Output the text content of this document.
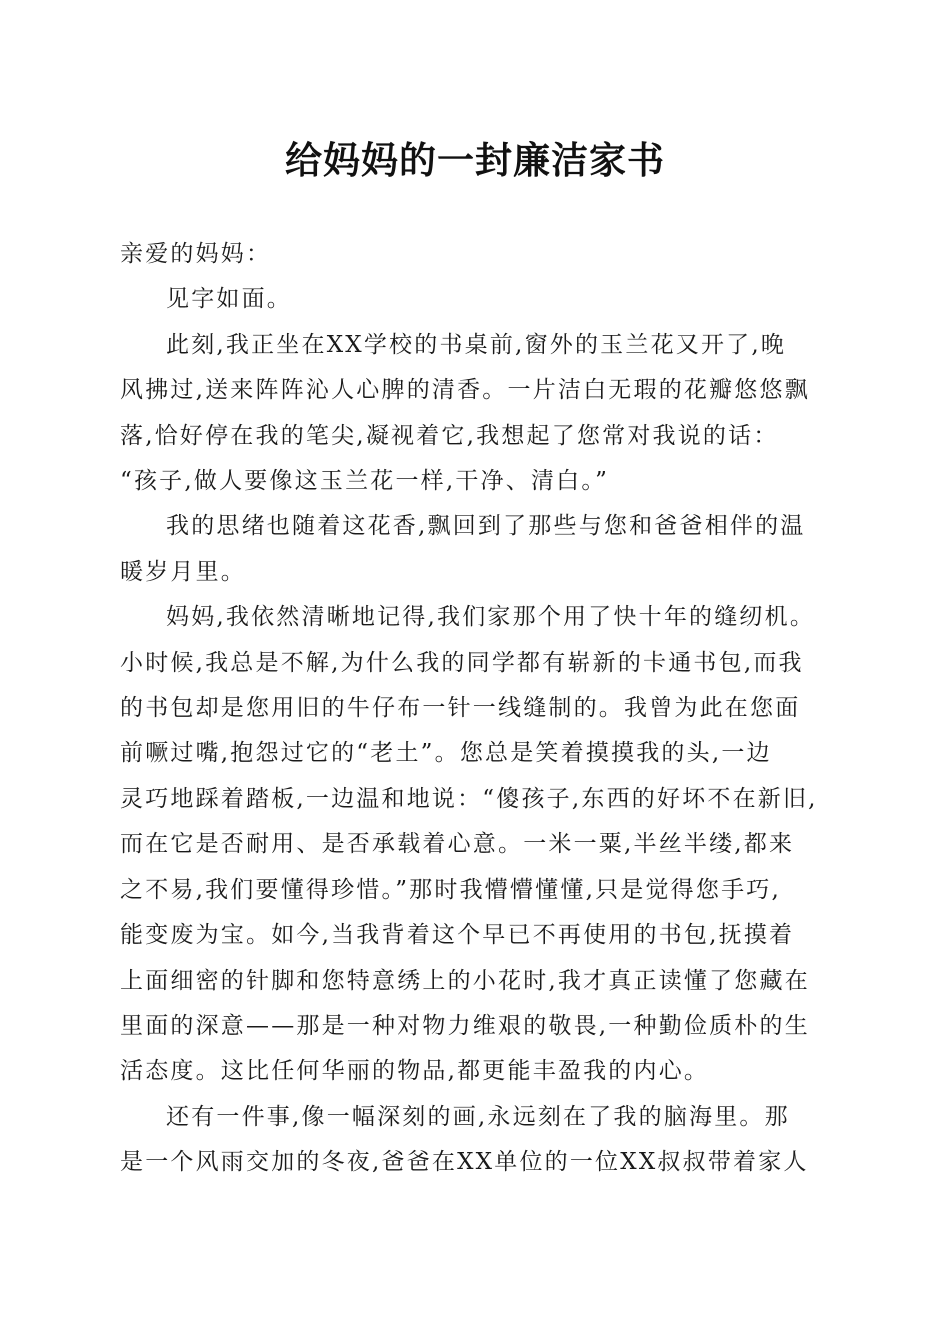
给妈妈的一封廉洁家书

亲爱的妈妈：

见字如面。

此刻,我正坐在XX学校的书桌前,窗外的玉兰花又开了,晚

风拂过,送来阵阵沁人心脾的清香。一片洁白无瑕的花瓣悠悠飘

落,恰好停在我的笔尖,凝视着它,我想起了您常对我说的话：

“孩子,做人要像这玉兰花一样,干净、清白。”

我的思绪也随着这花香,飘回到了那些与您和爸爸相伴的温

暖岁月里。

妈妈,我依然清晰地记得,我们家那个用了快十年的缝纫机。

小时候,我总是不解,为什么我的同学都有崭新的卡通书包,而我

的书包却是您用旧的牛仔布一针一线缝制的。我曾为此在您面

前噘过嘴,抱怨过它的“老土”。您总是笑着摸摸我的头,一边

灵巧地踩着踏板,一边温和地说：“傻孩子,东西的好坏不在新旧,

而在它是否耐用、是否承载着心意。一米一粟,半丝半缕,都来

之不易,我们要懂得珍惜。”那时我懵懵懂懂,只是觉得您手巧,

能变废为宝。如今,当我背着这个早已不再使用的书包,抚摸着

上面细密的针脚和您特意绣上的小花时,我才真正读懂了您藏在

里面的深意——那是一种对物力维艰的敬畏,一种勤俭质朴的生

活态度。这比任何华丽的物品,都更能丰盈我的内心。

还有一件事,像一幅深刻的画,永远刻在了我的脑海里。那

是一个风雨交加的冬夜,爸爸在XX单位的一位XX叔叔带着家人
